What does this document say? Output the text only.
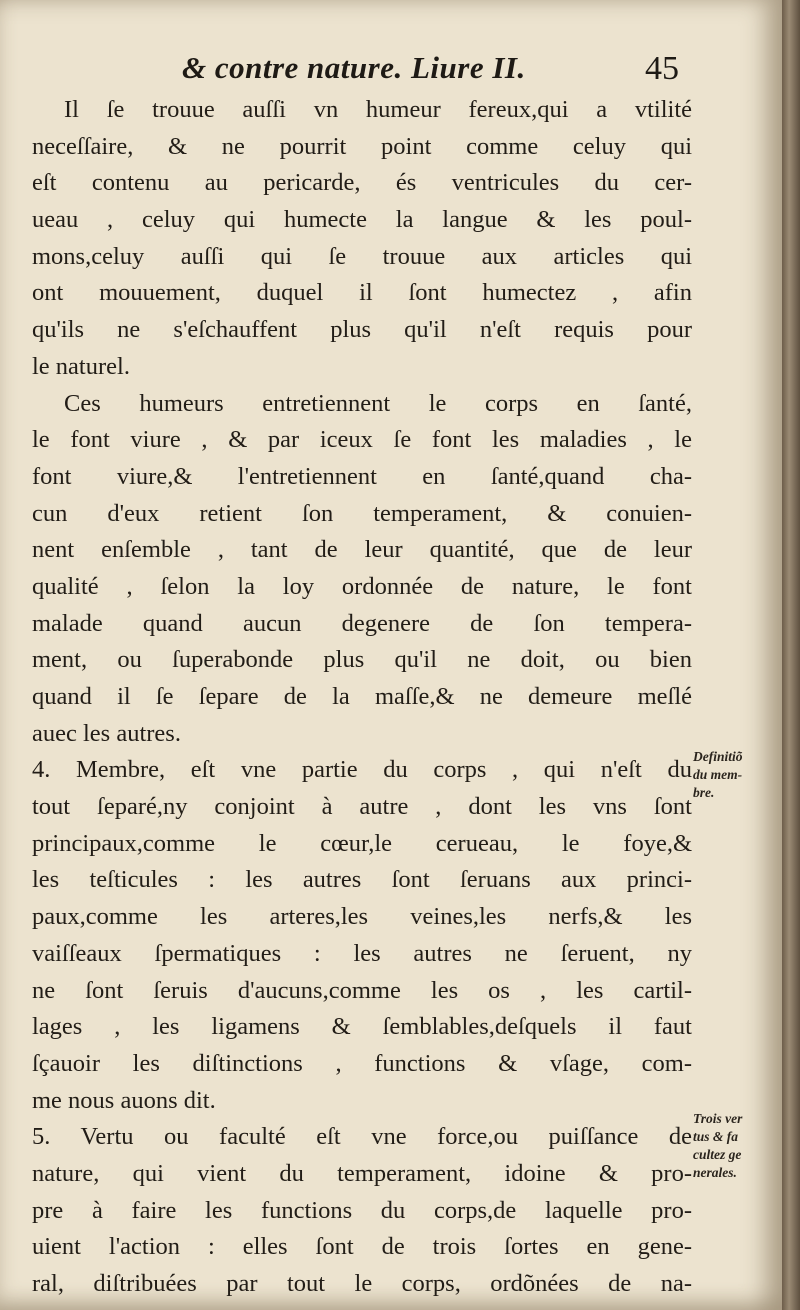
& contre nature. Liure II.	45
Il ſe trouue auſſi vn humeur fereux,qui a vtilité
neceſſaire, & ne pourrit point comme celuy qui
eſt contenu au pericarde, és ventricules du cer-
ueau , celuy qui humecte la langue & les poul-
mons,celuy auſſi qui ſe trouue aux articles qui
ont mouuement, duquel il ſont humectez , afin
qu'ils ne s'eſchauffent plus qu'il n'eſt requis pour
le naturel.
Ces humeurs entretiennent le corps en ſanté,
le font viure , & par iceux ſe font les maladies , le
font viure,& l'entretiennent en ſanté,quand cha-
cun d'eux retient ſon temperament, & conuien-
nent enſemble , tant de leur quantité, que de leur
qualité , ſelon la loy ordonnée de nature, le font
malade quand aucun degenere de ſon tempera-
ment, ou ſuperabonde plus qu'il ne doit, ou bien
quand il ſe ſepare de la maſſe,& ne demeure meſlé
auec les autres.
4. Membre, eſt vne partie du corps , qui n'eſt du
tout ſeparé,ny conjoint à autre , dont les vns ſont
principaux,comme le cœur,le cerueau, le foye,&
les teſticules : les autres ſont ſeruans aux princi-
paux,comme les arteres,les veines,les nerfs,& les
vaiſſeaux ſpermatiques : les autres ne ſeruent, ny
ne ſont ſeruis d'aucuns,comme les os , les cartil-
lages , les ligamens & ſemblables,deſquels il faut
ſçauoir les diſtinctions , functions & vſage, com-
me nous auons dit.
5. Vertu ou faculté eſt vne force,ou puiſſance de
nature, qui vient du temperament, idoine & pro-
pre à faire les functions du corps,de laquelle pro-
uient l'action : elles ſont de trois ſortes en gene-
ral, diſtribuées par tout le corps, ordõnées de na-
Definitiõ
du mem-
bre.
Trois ver
tus & fa
cultez ge
nerales.
